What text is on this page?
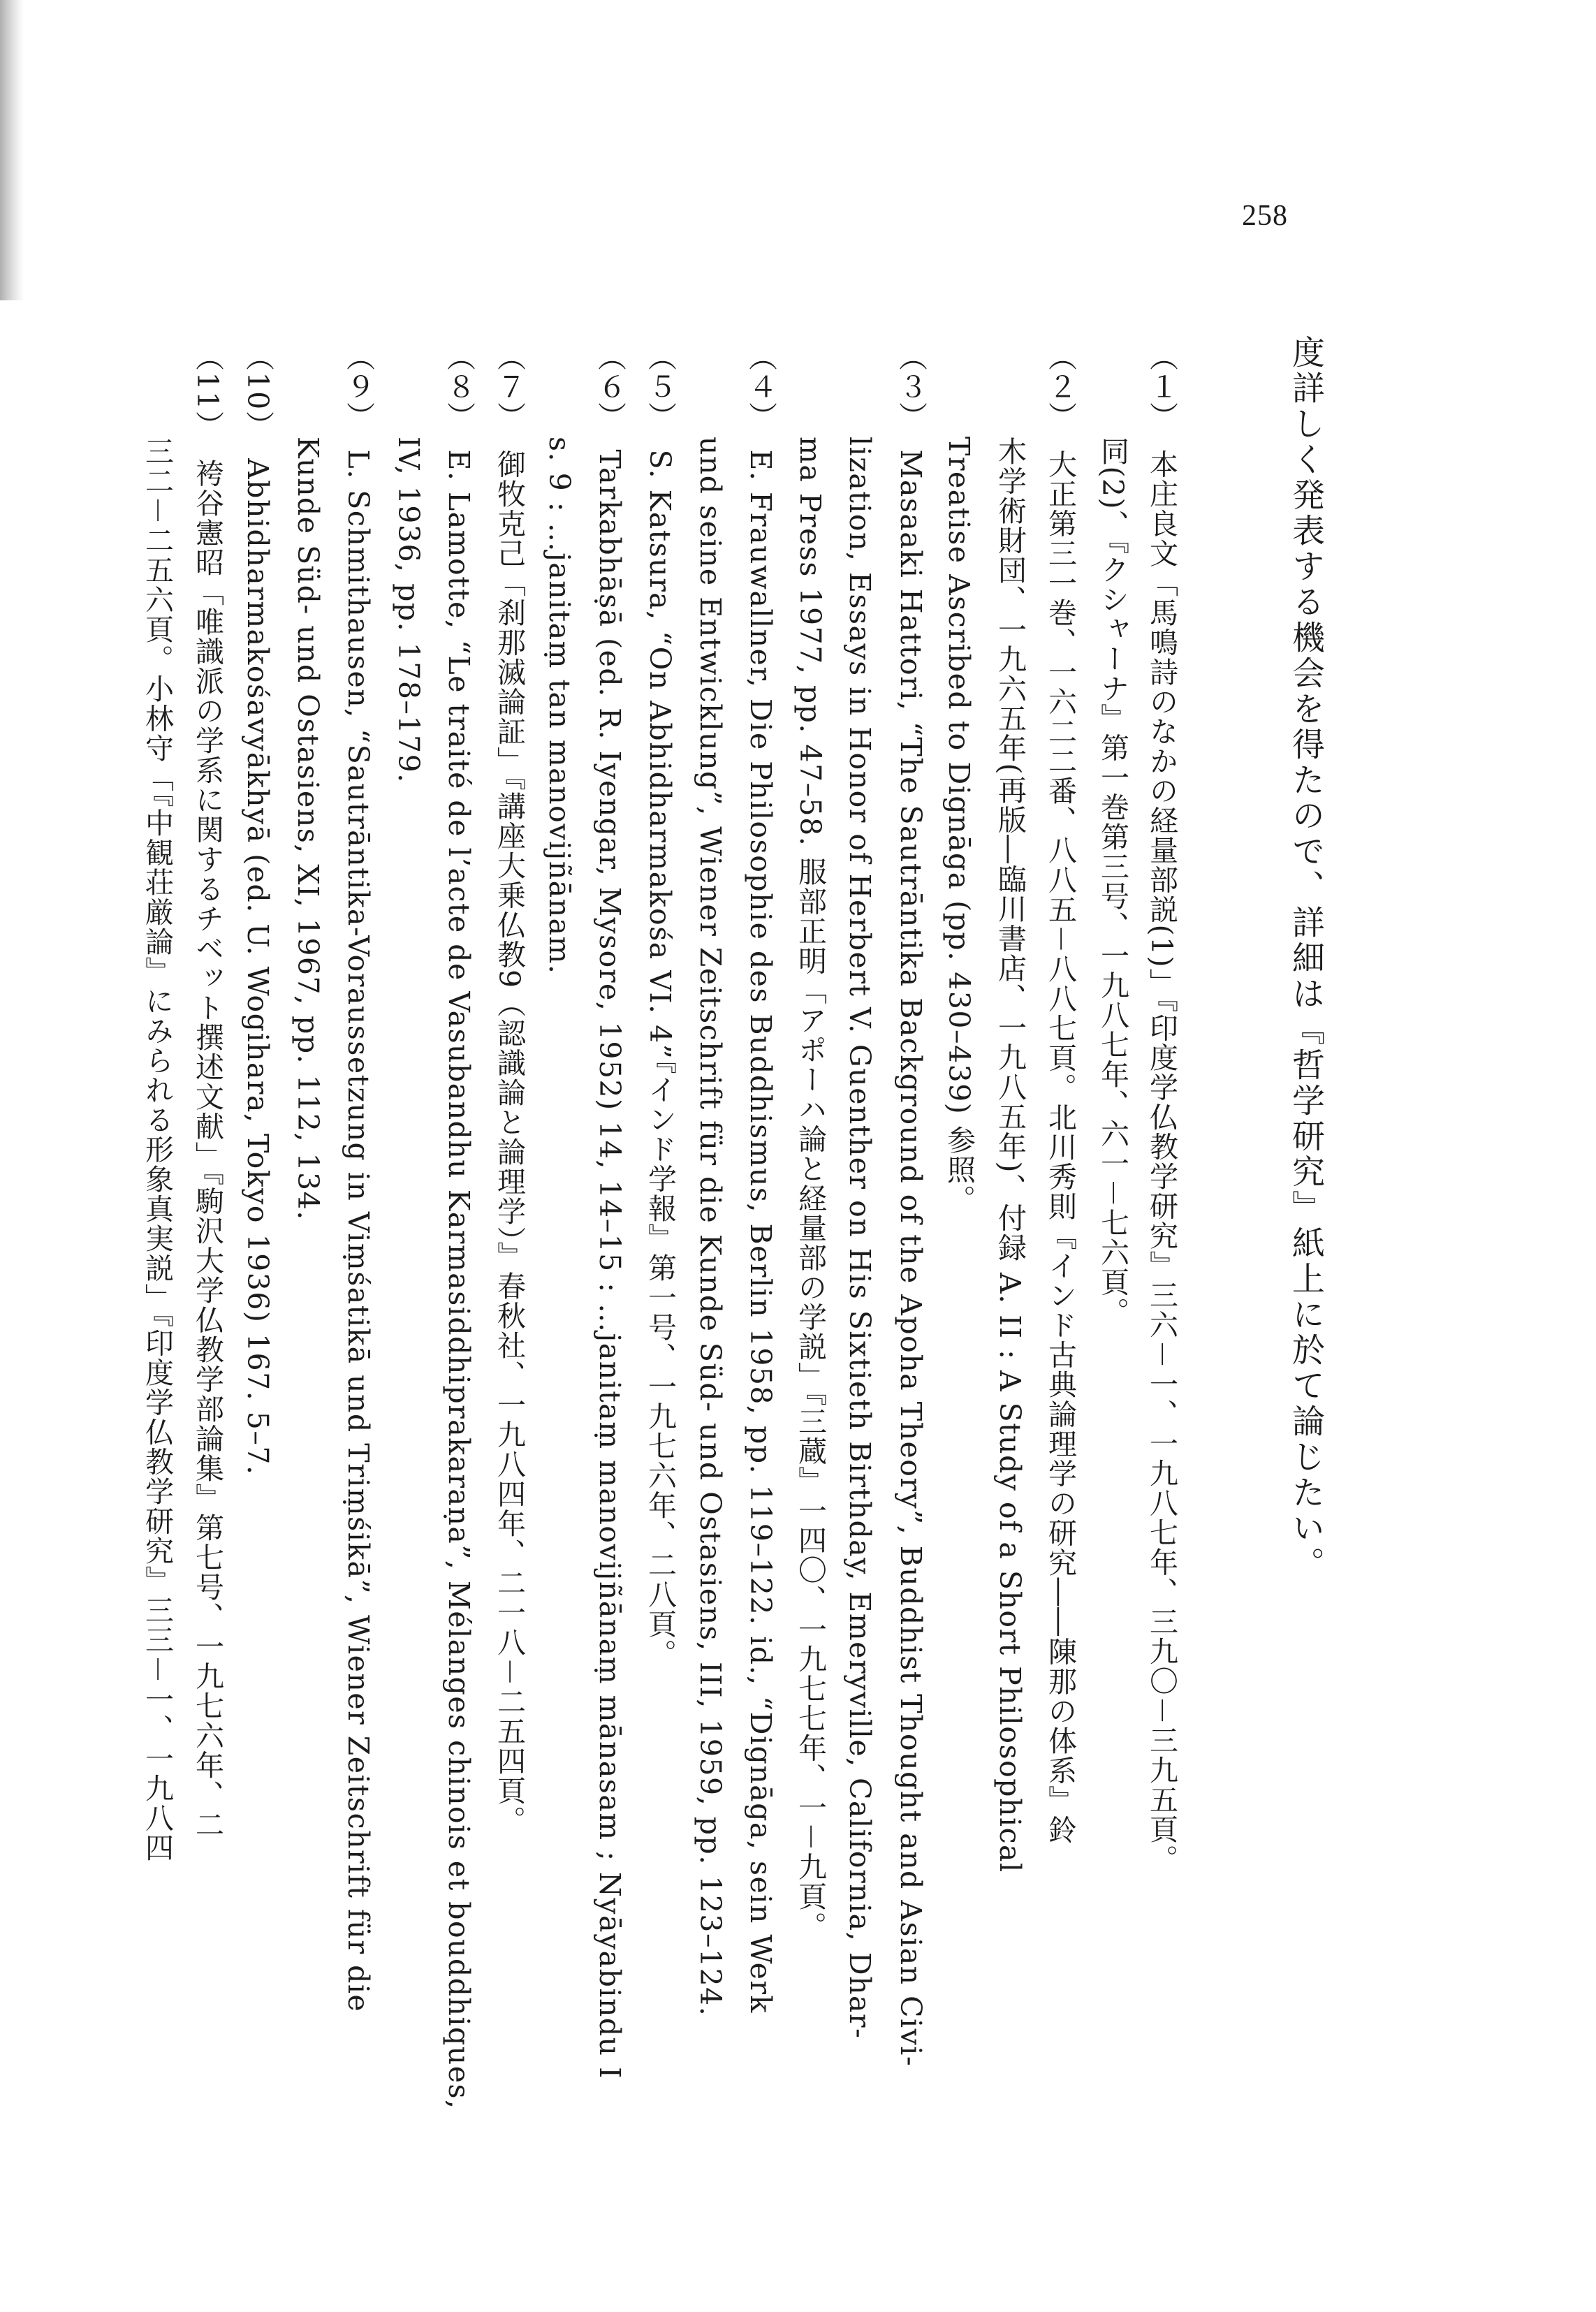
258
度詳しく発表する機会を得たので、詳細は『哲学研究』紙上に於て論じたい。
（１）本庄良文「馬鳴詩のなかの経量部説(1)」『印度学仏教学研究』三六－一、一九八七年、三九〇－三九五頁。
同(2)、『クシャーナ』第一巻第三号、一九八七年、六一－七六頁。
（２）大正第三一巻、一六二二番、八八五－八八七頁。北川秀則『インド古典論理学の研究――陳那の体系』鈴
木学術財団、一九六五年(再版―臨川書店、一九八五年)、付録 A. II : A Study of a Short Philosophical
Treatise Ascribed to Dignāga (pp. 430–439) 参照。
（３）Masaaki Hattori, “The Sautrāntika Background of the Apoha Theory”, Buddhist Thought and Asian Civi-
lization, Essays in Honor of Herbert V. Guenther on His Sixtieth Birthday, Emeryville, California, Dhar-
ma Press 1977, pp. 47–58. 服部正明「アポーハ論と経量部の学説」『三蔵』一四〇、一九七七年、一－九頁。
（４）E. Frauwallner, Die Philosophie des Buddhismus, Berlin 1958, pp. 119–122. id., “Dignāga, sein Werk
und seine Entwicklung”, Wiener Zeitschrift für die Kunde Süd- und Ostasiens, III, 1959, pp. 123–124.
（５）S. Katsura, “On Abhidharmakośa VI. 4”『インド学報』第一号、一九七六年、二八頁。
（６）Tarkabhāṣā (ed. R. Iyengar, Mysore, 1952) 14, 14–15 : …janitaṃ manovijñānaṃ mānasam ; Nyāyabindu I
s. 9 : …janitaṃ tan manovijñānam.
（７）御牧克己「刹那滅論証」『講座大乗仏教9（認識論と論理学）』春秋社、一九八四年、二一八－二五四頁。
（８）E. Lamotte, “Le traité de l’acte de Vasubandhu Karmasiddhiprakaraṇa”, Mélanges chinois et bouddhiques,
IV, 1936, pp. 178–179.
（９）L. Schmithausen, “Sautrāntika-Voraussetzung in Viṃśatikā und Triṃśikā”, Wiener Zeitschrift für die
Kunde Süd- und Ostasiens, XI, 1967, pp. 112, 134.
（10）Abhidharmakośavyākhyā (ed. U. Wogihara, Tokyo 1936) 167. 5–7.
（11）袴谷憲昭「唯識派の学系に関するチベット撰述文献」『駒沢大学仏教学部論集』第七号、一九七六年、二
三二－二五六頁。小林守「『中観荘厳論』にみられる形象真実説」『印度学仏教学研究』三三－一、一九八四
